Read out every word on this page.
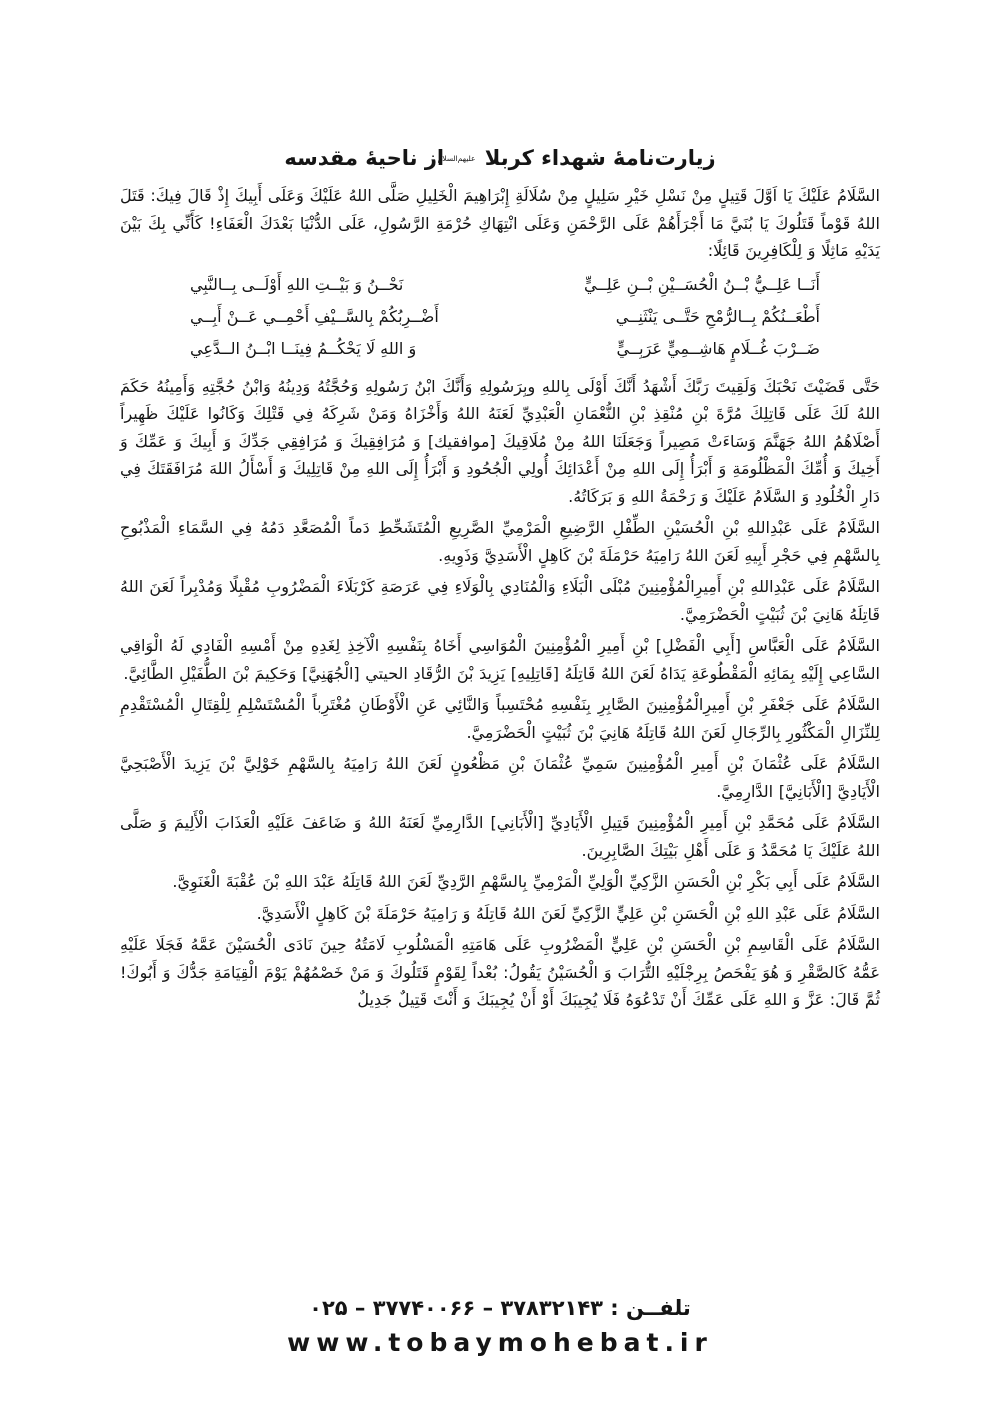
زیارت‌نامهٔ شهداء کربلا علیهم‌السلام از ناحیهٔ مقدسه

السَّلَامُ عَلَيْكَ يَا اَوَّلَ قَتِيلٍ مِنْ نَسْلِ خَيْرِ سَلِيلٍ مِنْ سُلَالَةِ إِبْرَاهِيمَ الْخَلِيلِ صَلَّى اللهُ عَلَيْكَ وَعَلَى أَبِيكَ إِذْ قَالَ فِيكَ: قَتَلَ اللهُ قَوْماً قَتَلُوكَ يَا بُنَيَّ مَا أَجْرَأَهُمْ عَلَى الرَّحْمَنِ وَعَلَى انْتِهَاكِ حُرْمَةِ الرَّسُولِ، عَلَى الدُّنْيَا بَعْدَكَ الْعَفَاءِ! كَأَنِّي بِكَ بَيْنَ يَدَيْهِ مَاثِلًا وَ لِلْكَافِرِينَ قَائِلًا:

أَنَــا عَلِــيُّ بْــنُ الْحُسَــيْنِ بْــنِ عَلِــيٍّ
نَحْــنُ وَ بَيْــتِ اللهِ أَوْلَــى بِــالنَّبِي
أَطْعَــنُكُمْ بِــالرُّمْحِ حَتَّــى يَنْثَنِــي
أَضْــرِبُكُمْ بِالسَّــيْفِ أَحْمِــي عَــنْ أَبِــي
ضَــرْبَ غُــلَامٍ هَاشِــمِيٍّ عَرَبِــيٍّ
وَ اللهِ لَا يَحْكُــمُ فِينَــا ابْــنُ الــدَّعِي

حَتَّى قَضَيْتَ نَحْبَكَ وَلَقِيتَ رَبَّكَ أَشْهَدُ أَنَّكَ أَوْلَى بِاللهِ وبِرَسُولِهِ وَأَنَّكَ ابْنُ رَسُولِهِ وَحُجَّتُهُ وَدِينُهُ وَابْنُ حُجَّتِهِ وَأَمِينُهُ حَكَمَ اللهُ لَكَ عَلَى قَاتِلِكَ مُرَّةَ بْنِ مُنْقِذِ بْنِ النُّعْمَانِ الْعَبْدِيِّ لَعَنَهُ اللهُ وَأَخْزَاهُ وَمَنْ شَرِكَهُ فِي قَتْلِكَ وَكَانُوا عَلَيْكَ ظَهِيراً أَصْلَاهُمُ اللهُ جَهَنَّمَ وَسَاءَتْ مَصِيراً وَجَعَلَنَا اللهُ مِنْ مُلَاقِيكَ [موافقيك] وَ مُرَافِقِيكَ وَ مُرَافِقِي جَدِّكَ وَ أَبِيكَ وَ عَمِّكَ وَ أَخِيكَ وَ أُمِّكَ الْمَظْلُومَةِ وَ أَبْرَأُ إِلَى اللهِ مِنْ أَعْدَائِكَ أُولِي الْجُحُودِ وَ أَبْرَأُ إِلَى اللهِ مِنْ قَاتِلِيكَ وَ أَسْأَلُ اللهَ مُرَافَقَتَكَ فِي دَارِ الْخُلُودِ وَ السَّلَامُ عَلَيْكَ وَ رَحْمَةُ اللهِ وَ بَرَكَاتُهُ.

السَّلَامُ عَلَى عَبْدِاللهِ بْنِ الْحُسَيْنِ الطِّفْلِ الرَّضِيعِ الْمَرْمِيِّ الصَّرِيعِ الْمُتَشَحِّطِ دَماً الْمُصَعَّدِ دَمُهُ فِي السَّمَاءِ الْمَذْبُوحِ بِالسَّهْمِ فِي حَجْرِ أَبِيهِ لَعَنَ اللهُ رَامِيَهُ حَرْمَلَةَ بْنَ كَاهِلٍ الْأَسَدِيَّ وَذَوِيهِ.

السَّلَامُ عَلَى عَبْدِاللهِ بْنِ أَمِيرِالْمُؤْمِنِينَ مُبْلَى الْبَلَاءِ وَالْمُنَادِي بِالْوَلَاءِ فِي عَرَصَةِ كَرْبَلَاءَ الْمَضْرُوبِ مُقْبِلًا وَمُدْبِراً لَعَنَ اللهُ قَاتِلَهُ هَانِيَ بْنَ ثُبَيْتٍ الْحَضْرَمِيَّ.

السَّلَامُ عَلَى الْعَبَّاسِ [أَبِي الْفَضْلِ] بْنِ أَمِيرِ الْمُؤْمِنِينَ الْمُوَاسِي أَخَاهُ بِنَفْسِهِ الْآخِذِ لِغَدِهِ مِنْ أَمْسِهِ الْفَادِي لَهُ الْوَاقِي السَّاعِي إِلَيْهِ بِمَائِهِ الْمَقْطُوعَةِ يَدَاهُ لَعَنَ اللهُ قَاتِلَهُ [قَاتِلِيهِ] يَزِيدَ بْنَ الرُّقَادِ الحيتي [الْجُهَنِيَّ] وَحَكِيمَ بْنَ الطُّفَيْلِ الطَّائِيَّ.

السَّلَامُ عَلَى جَعْفَرِ بْنِ أَمِيرِالْمُؤْمِنِينَ الصَّابِرِ بِنَفْسِهِ مُحْتَسِباً وَالنَّائِي عَنِ الْأَوْطَانِ مُغْتَرِباً الْمُسْتَسْلِمِ لِلْقِتَالِ الْمُسْتَقْدِمِ لِلنِّزَالِ الْمَكْثُورِ بِالرِّجَالِ لَعَنَ اللهُ قَاتِلَهُ هَانِيَ بْنَ ثُبَيْتٍ الْحَضْرَمِيَّ.

السَّلَامُ عَلَى عُثْمَانَ بْنِ أَمِيرِ الْمُؤْمِنِينَ سَمِيِّ عُثْمَانَ بْنِ مَظْعُونٍ لَعَنَ اللهُ رَامِيَهُ بِالسَّهْمِ خَوْلِيَّ بْنَ يَزِيدَ الْأَصْبَحِيَّ الْأَيَادِيَّ [الْأَبَانِيَّ] الدَّارِمِيَّ.

السَّلَامُ عَلَى مُحَمَّدِ بْنِ أَمِيرِ الْمُؤْمِنِينَ قَتِيلِ الْأَيَادِيِّ [الْأَبَانِي] الدَّارِمِيِّ لَعَنَهُ اللهُ وَ ضَاعَفَ عَلَيْهِ الْعَذَابَ الْأَلِيمَ وَ صَلَّى اللهُ عَلَيْكَ يَا مُحَمَّدُ وَ عَلَى أَهْلِ بَيْتِكَ الصَّابِرِينَ.

السَّلَامُ عَلَى أَبِي بَكْرِ بْنِ الْحَسَنِ الزَّكِيِّ الْوَلِيِّ الْمَرْمِيِّ بِالسَّهْمِ الرَّدِيِّ لَعَنَ اللهُ قَاتِلَهُ عَبْدَ اللهِ بْنَ عُقْبَةَ الْغَنَوِيَّ.

السَّلَامُ عَلَى عَبْدِ اللهِ بْنِ الْحَسَنِ بْنِ عَلِيٍّ الزَّكِيِّ لَعَنَ اللهُ قَاتِلَهُ وَ رَامِيَهُ حَرْمَلَةَ بْنَ كَاهِلٍ الْأَسَدِيَّ.

السَّلَامُ عَلَى الْقَاسِمِ بْنِ الْحَسَنِ بْنِ عَلِيٍّ الْمَضْرُوبِ عَلَى هَامَتِهِ الْمَسْلُوبِ لَامَتُهُ حِينَ نَادَى الْحُسَيْنَ عَمَّهُ فَجَلَا عَلَيْهِ عَمُّهُ كَالصَّقْرِ وَ هُوَ يَفْحَصُ بِرِجْلَيْهِ التُّرَابَ وَ الْحُسَيْنُ يَقُولُ: بُعْداً لِقَوْمٍ قَتَلُوكَ وَ مَنْ خَصْمُهُمْ يَوْمَ الْقِيَامَةِ جَدُّكَ وَ أَبُوكَ! ثُمَّ قَالَ: عَزَّ وَ اللهِ عَلَى عَمِّكَ أَنْ تَدْعُوَهُ فَلَا يُجِيبَكَ أَوْ أَنْ يُجِيبَكَ وَ أَنْتَ قَتِيلٌ جَدِيلٌ

تلفــن : ۳۷۸۳۲۱۴۳ – ۳۷۷۴۰۰۶۶ – ۰۲۵
www.tobaymohebat.ir
